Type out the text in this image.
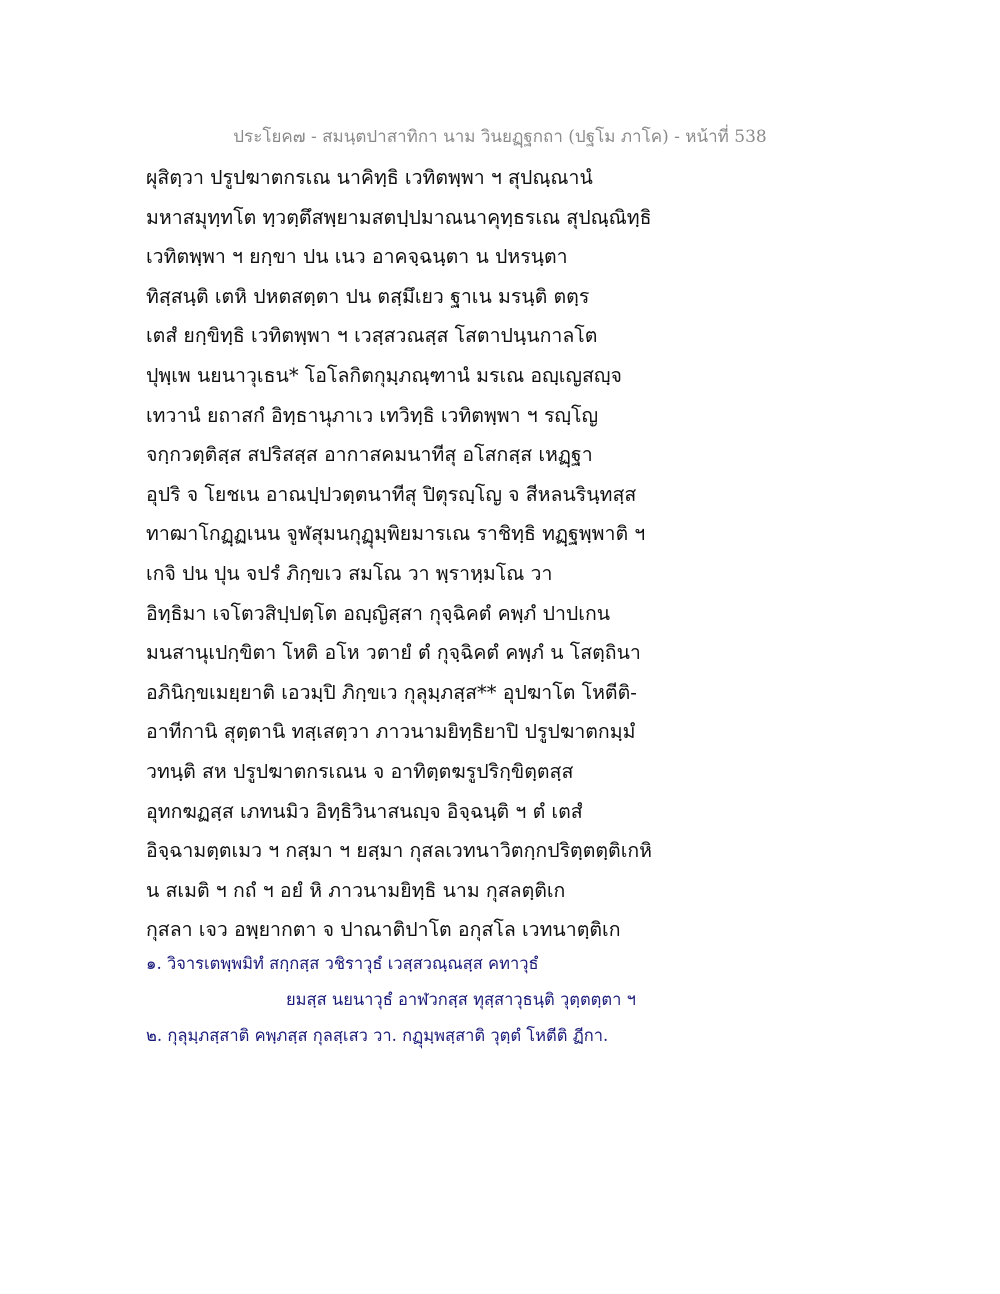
ประโยค๗ - สมนฺตปาสาทิกา นาม วินยฏฺฐกถา (ปฐโม ภาโค) - หน้าที่ 538
ผุสิตฺวา ปรูปฆาตกรเณ นาคิทฺธิ เวทิตพฺพา ฯ สุปณฺณานํ
มหาสมุทฺทโต ทฺวตฺตึสพฺยามสตปฺปมาณนาคุทฺธรเณ สุปณฺณิทฺธิ
เวทิตพฺพา ฯ ยกฺขา ปน เนว อาคจฺฉนฺตา น ปหรนฺตา
ทิสฺสนฺติ เตหิ ปหตสตฺตา ปน ตสฺมึเยว ฐาเน มรนฺติ ตตฺร
เตสํ ยกฺขิทฺธิ เวทิตพฺพา ฯ เวสฺสวณสฺส โสตาปนฺนกาลโต
ปุพฺเพ นยนาวุเธน* โอโลกิตกุมฺภณฺฑานํ มรเณ อญฺเญสญฺจ
เทวานํ ยถาสกํ อิทฺธานุภาเว เทวิทฺธิ เวทิตพฺพา ฯ รญฺโญ
จกฺกวตฺติสฺส สปริสสฺส อากาสคมนาทีสุ อโสกสฺส เหฏฺฐา
อุปริ จ โยชเน อาณปฺปวตฺตนาทีสุ ปิตุรญฺโญ จ สีหลนรินฺทสฺส
ทาฒาโกฏฺฏเนน จูฬสุมนกุฏุมฺพิยมารเณ ราชิทฺธิ ทฏฺฐพฺพาติ ฯ
เกจิ ปน ปุน จปรํ ภิกฺขเว สมโณ วา พฺราหฺมโณ วา
อิทฺธิมา เจโตวสิปฺปตฺโต อญฺญิสฺสา กุจฺฉิคตํ คพฺภํ ปาปเกน
มนสานุเปกฺขิตา โหติ อโห วตายํ ตํ กุจฺฉิคตํ คพฺภํ น โสตฺถินา
อภินิกฺขเมยฺยาติ เอวมฺปิ ภิกฺขเว กุลุมฺภสฺส** อุปฆาโต โหตีติ-
อาทีกานิ สุตฺตานิ ทสฺเสตฺวา ภาวนามยิทฺธิยาปิ ปรูปฆาตกมฺมํ
วทนฺติ สห ปรูปฆาตกรเณน จ อาทิตฺตฆรูปริกฺขิตฺตสฺส
อุทกฆฏสฺส เภทนมิว อิทฺธิวินาสนญฺจ อิจฺฉนฺติ ฯ ตํ เตสํ
อิจฺฉามตฺตเมว ฯ กสฺมา ฯ ยสฺมา กุสลเวทนาวิตกฺกปริตฺตตฺติเกหิ
น สเมติ ฯ กถํ ฯ อยํ หิ ภาวนามยิทฺธิ นาม กุสลตฺติเก
กุสลา เจว อพฺยากตา จ ปาณาติปาโต อกุสโล เวทนาตฺติเก
๑. วิจารเตพฺพมิทํ สกฺกสฺส วชิราวุธํ เวสฺสวณฺณสฺส คทาวุธํ
ยมสฺส นยนาวุธํ อาฬวกสฺส ทุสฺสาวุธนฺติ วุตฺตตฺตา ฯ
๒. กุลุมฺภสฺสาติ คพฺภสฺส กุลสฺเสว วา. กฏุมฺพสฺสาติ วุตฺตํ โหตีติ ฏีกา.
